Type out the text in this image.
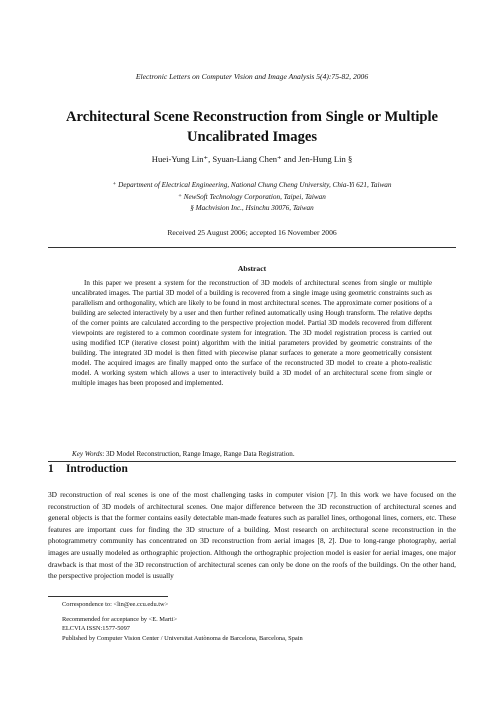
Electronic Letters on Computer Vision and Image Analysis 5(4):75-82, 2006
Architectural Scene Reconstruction from Single or Multiple Uncalibrated Images
Huei-Yung Lin⁺, Syuan-Liang Chen⁺ and Jen-Hung Lin §
⁺ Department of Electrical Engineering, National Chung Cheng University, Chia-Yi 621, Taiwan
⁺ NewSoft Technology Corporation, Taipei, Taiwan
§ Machvision Inc., Hsinchu 30076, Taiwan
Received 25 August 2006; accepted 16 November 2006
Abstract

In this paper we present a system for the reconstruction of 3D models of architectural scenes from single or multiple uncalibrated images. The partial 3D model of a building is recovered from a single image using geometric constraints such as parallelism and orthogonality, which are likely to be found in most architectural scenes. The approximate corner positions of a building are selected interactively by a user and then further refined automatically using Hough transform. The relative depths of the corner points are calculated according to the perspective projection model. Partial 3D models recovered from different viewpoints are registered to a common coordinate system for integration. The 3D model registration process is carried out using modified ICP (iterative closest point) algorithm with the initial parameters provided by geometric constraints of the building. The integrated 3D model is then fitted with piecewise planar surfaces to generate a more geometrically consistent model. The acquired images are finally mapped onto the surface of the reconstructed 3D model to create a photo-realistic model. A working system which allows a user to interactively build a 3D model of an architectural scene from single or multiple images has been proposed and implemented.

Key Words: 3D Model Reconstruction, Range Image, Range Data Registration.
1 Introduction

3D reconstruction of real scenes is one of the most challenging tasks in computer vision [7]. In this work we have focused on the reconstruction of 3D models of architectural scenes. One major difference between the 3D reconstruction of architectural scenes and general objects is that the former contains easily detectable man-made features such as parallel lines, orthogonal lines, corners, etc. These features are important cues for finding the 3D structure of a building. Most research on architectural scene reconstruction in the photogrammetry community has concentrated on 3D reconstruction from aerial images [8, 2]. Due to long-range photography, aerial images are usually modeled as orthographic projection. Although the orthographic projection model is easier for aerial images, one major drawback is that most of the 3D reconstruction of architectural scenes can only be done on the roofs of the buildings. On the other hand, the perspective projection model is usually

Correspondence to: <lin@ee.ccu.edu.tw>
Recommended for acceptance by <E. Marti>
ELCVIA ISSN:1577-5097
Published by Computer Vision Center / Universitat Autònoma de Barcelona, Barcelona, Spain
